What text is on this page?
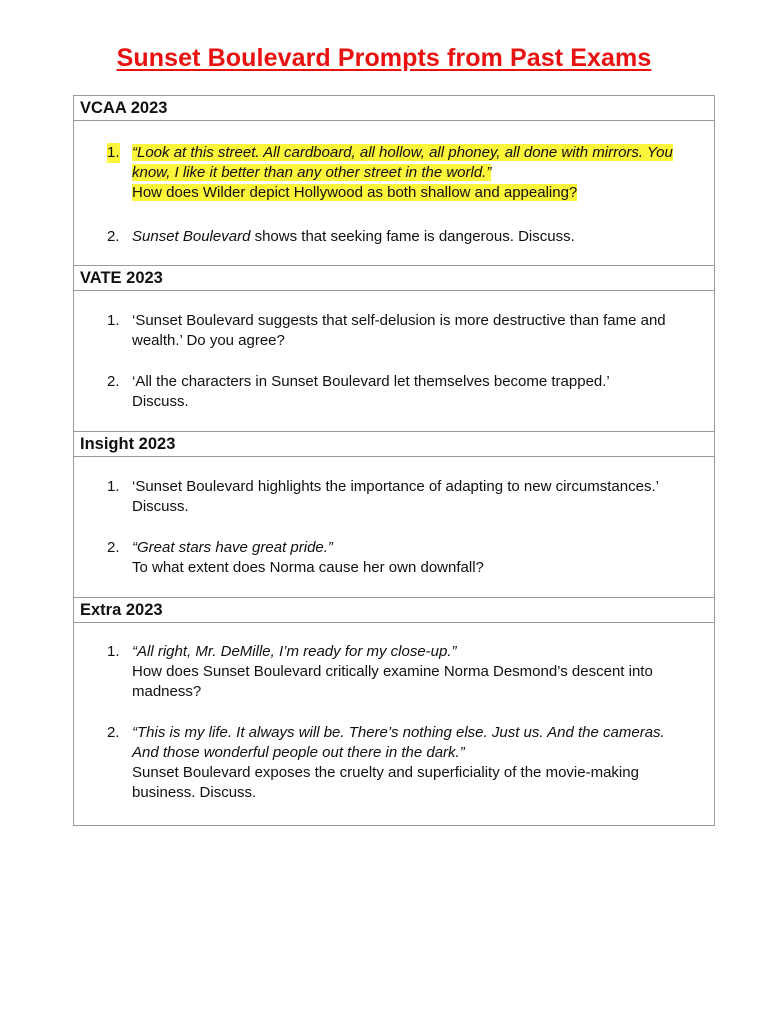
Sunset Boulevard Prompts from Past Exams
VCAA 2023
1. “Look at this street. All cardboard, all hollow, all phoney, all done with mirrors. You
know, I like it better than any other street in the world.”
How does Wilder depict Hollywood as both shallow and appealing?
2. Sunset Boulevard shows that seeking fame is dangerous. Discuss.
VATE 2023
1. ‘Sunset Boulevard suggests that self-delusion is more destructive than fame and
wealth.’ Do you agree?
2. ‘All the characters in Sunset Boulevard let themselves become trapped.’
Discuss.
Insight 2023
1. ‘Sunset Boulevard highlights the importance of adapting to new circumstances.’
Discuss.
2. “Great stars have great pride.”
To what extent does Norma cause her own downfall?
Extra 2023
1. “All right, Mr. DeMille, I’m ready for my close-up.”
How does Sunset Boulevard critically examine Norma Desmond’s descent into
madness?
2. “This is my life. It always will be. There’s nothing else. Just us. And the cameras.
And those wonderful people out there in the dark.”
Sunset Boulevard exposes the cruelty and superficiality of the movie-making
business. Discuss.
